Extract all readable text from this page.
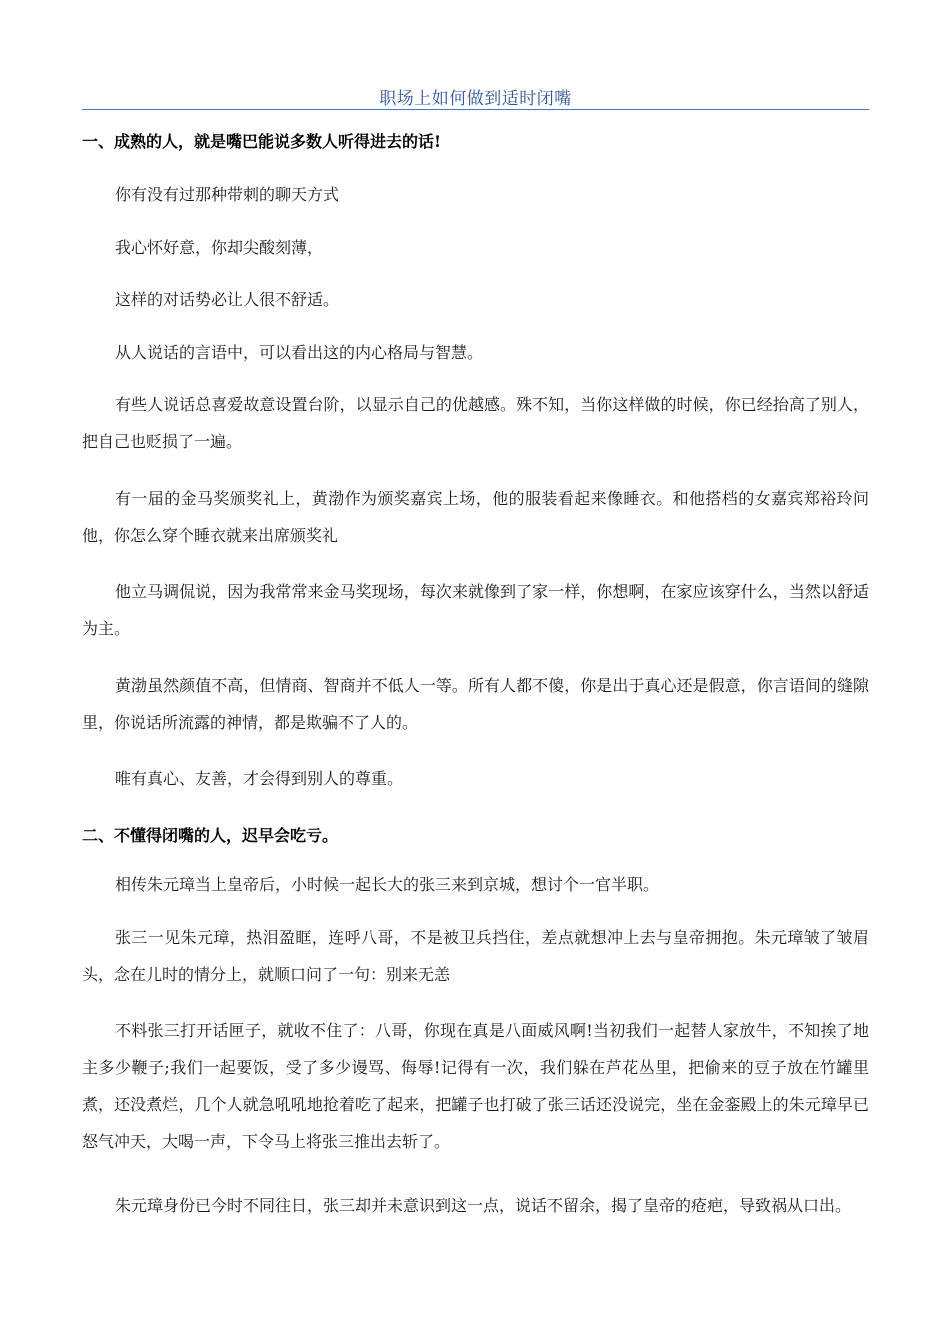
职场上如何做到适时闭嘴
一、成熟的人，就是嘴巴能说多数人听得进去的话!
你有没有过那种带刺的聊天方式
我心怀好意，你却尖酸刻薄，
这样的对话势必让人很不舒适。
从人说话的言语中，可以看出这的内心格局与智慧。
有些人说话总喜爱故意设置台阶，以显示自己的优越感。殊不知，当你这样做的时候，你已经抬高了别人，把自己也贬损了一遍。
有一届的金马奖颁奖礼上，黄渤作为颁奖嘉宾上场，他的服装看起来像睡衣。和他搭档的女嘉宾郑裕玲问他，你怎么穿个睡衣就来出席颁奖礼
他立马调侃说，因为我常常来金马奖现场，每次来就像到了家一样，你想啊，在家应该穿什么，当然以舒适为主。
黄渤虽然颜值不高，但情商、智商并不低人一等。所有人都不傻，你是出于真心还是假意，你言语间的缝隙里，你说话所流露的神情，都是欺骗不了人的。
唯有真心、友善，才会得到别人的尊重。
二、不懂得闭嘴的人，迟早会吃亏。
相传朱元璋当上皇帝后，小时候一起长大的张三来到京城，想讨个一官半职。
张三一见朱元璋，热泪盈眶，连呼八哥，不是被卫兵挡住，差点就想冲上去与皇帝拥抱。朱元璋皱了皱眉头，念在儿时的情分上，就顺口问了一句：别来无恙
不料张三打开话匣子，就收不住了：八哥，你现在真是八面威风啊!当初我们一起替人家放牛，不知挨了地主多少鞭子;我们一起要饭，受了多少谩骂、侮辱!记得有一次，我们躲在芦花丛里，把偷来的豆子放在竹罐里煮，还没煮烂，几个人就急吼吼地抢着吃了起来，把罐子也打破了张三话还没说完，坐在金銮殿上的朱元璋早已怒气冲天，大喝一声，下令马上将张三推出去斩了。
朱元璋身份已今时不同往日，张三却并未意识到这一点，说话不留余，揭了皇帝的疮疤，导致祸从口出。
